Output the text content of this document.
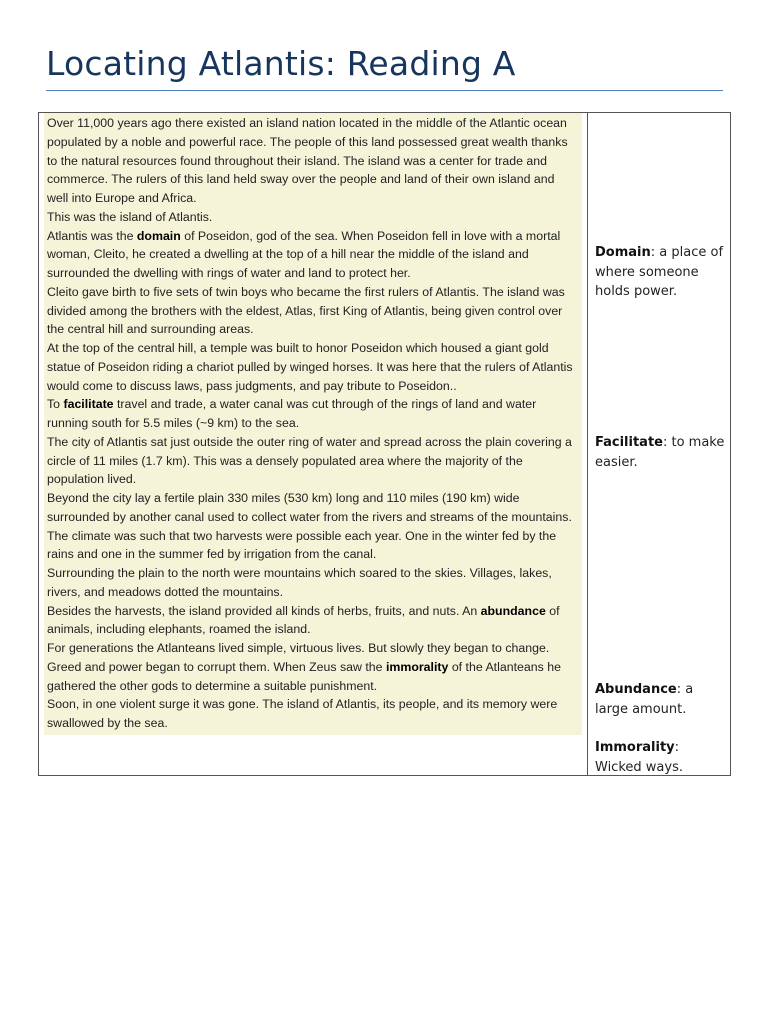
Locating Atlantis: Reading A

Over 11,000 years ago there existed an island nation located in the middle of the Atlantic ocean populated by a noble and powerful race. The people of this land possessed great wealth thanks to the natural resources found throughout their island. The island was a center for trade and commerce. The rulers of this land held sway over the people and land of their own island and well into Europe and Africa.

This was the island of Atlantis.

Atlantis was the domain of Poseidon, god of the sea. When Poseidon fell in love with a mortal woman, Cleito, he created a dwelling at the top of a hill near the middle of the island and surrounded the dwelling with rings of water and land to protect her.

Cleito gave birth to five sets of twin boys who became the first rulers of Atlantis. The island was divided among the brothers with the eldest, Atlas, first King of Atlantis, being given control over the central hill and surrounding areas.

At the top of the central hill, a temple was built to honor Poseidon which housed a giant gold statue of Poseidon riding a chariot pulled by winged horses. It was here that the rulers of Atlantis would come to discuss laws, pass judgments, and pay tribute to Poseidon..

To facilitate travel and trade, a water canal was cut through of the rings of land and water running south for 5.5 miles (~9 km) to the sea.

The city of Atlantis sat just outside the outer ring of water and spread across the plain covering a circle of 11 miles (1.7 km). This was a densely populated area where the majority of the population lived.

Beyond the city lay a fertile plain 330 miles (530 km) long and 110 miles (190 km) wide surrounded by another canal used to collect water from the rivers and streams of the mountains. The climate was such that two harvests were possible each year. One in the winter fed by the rains and one in the summer fed by irrigation from the canal.

Surrounding the plain to the north were mountains which soared to the skies. Villages, lakes, rivers, and meadows dotted the mountains.

Besides the harvests, the island provided all kinds of herbs, fruits, and nuts. An abundance of animals, including elephants, roamed the island.

For generations the Atlanteans lived simple, virtuous lives. But slowly they began to change. Greed and power began to corrupt them. When Zeus saw the immorality of the Atlanteans he gathered the other gods to determine a suitable punishment.

Soon, in one violent surge it was gone. The island of Atlantis, its people, and its memory were swallowed by the sea.

Domain: a place of where someone holds power.
Facilitate: to make easier.
Abundance: a large amount.
Immorality: Wicked ways.
